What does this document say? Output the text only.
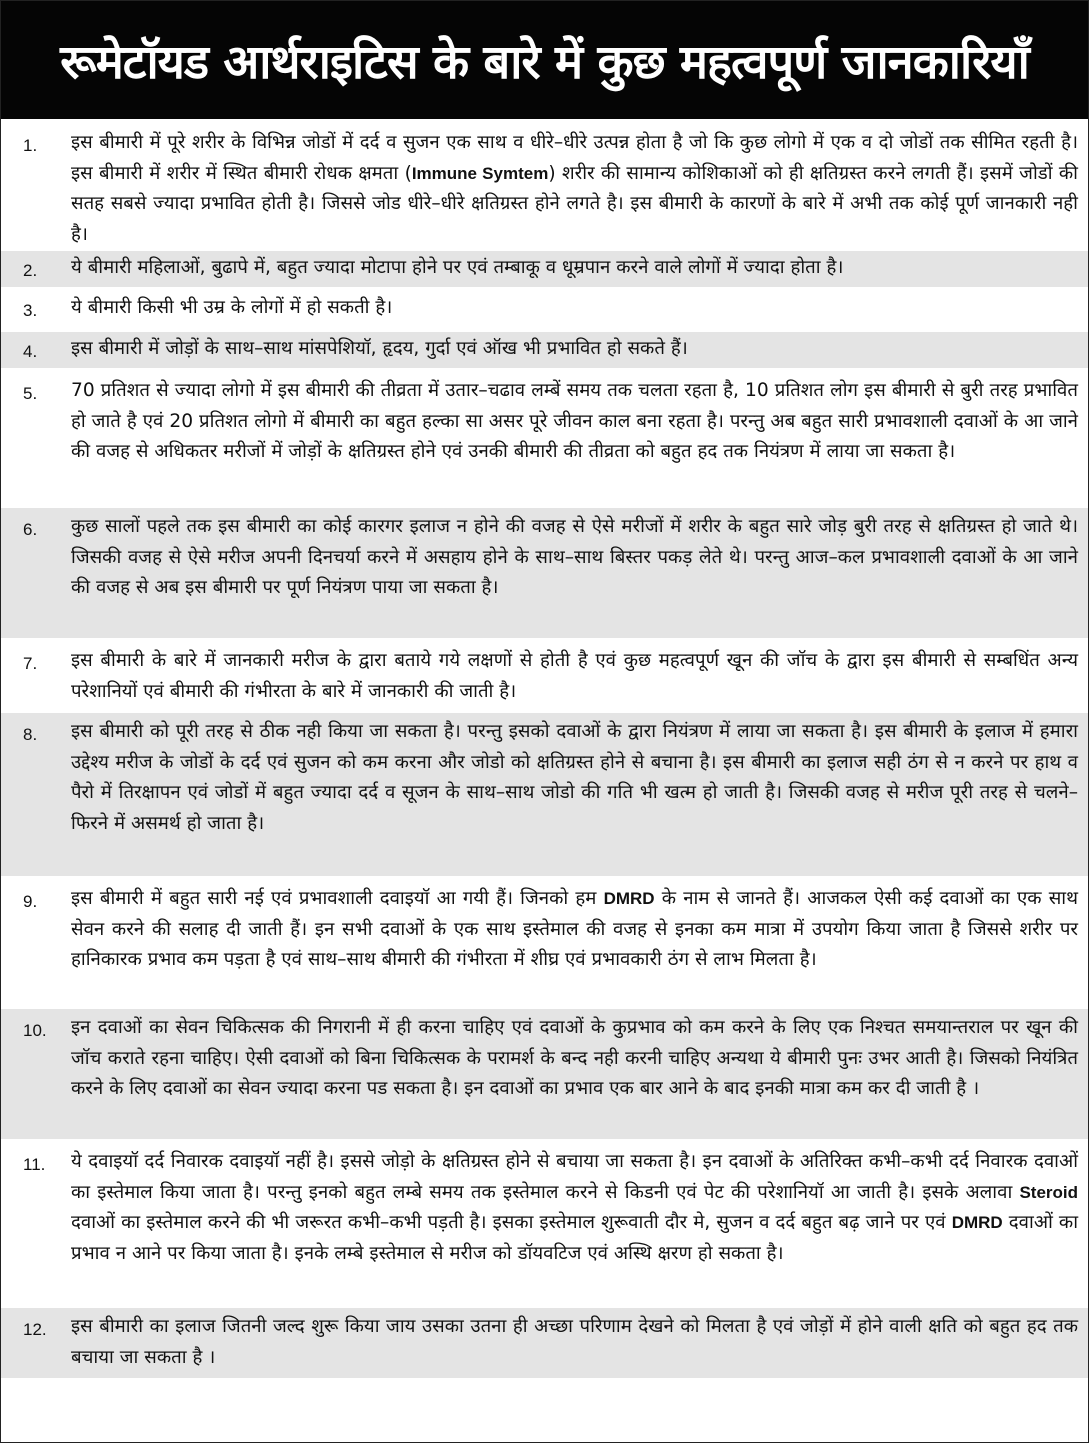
रूमेटॉयड आर्थराइटिस के बारे में कुछ महत्वपूर्ण जानकारियाँ
1.	इस बीमारी में पूरे शरीर के विभिन्न जोडों में दर्द व सुजन एक साथ व धीरे–धीरे उत्पन्न होता है जो कि कुछ लोगो में एक व दो जोडों तक सीमित रहती है। इस बीमारी में शरीर में स्थित बीमारी रोधक क्षमता (Immune Symtem) शरीर की सामान्य कोशिकाओं को ही क्षतिग्रस्त करने लगती हैं। इसमें जोडों की सतह सबसे ज्यादा प्रभावित होती है। जिससे जोड धीरे–धीरे क्षतिग्रस्त होने लगते है। इस बीमारी के कारणों के बारे में अभी तक कोई पूर्ण जानकारी नही है।
2.	ये बीमारी महिलाओं, बुढापे में, बहुत ज्यादा मोटापा होने पर एवं तम्बाकू व धूम्रपान करने वाले लोगों में ज्यादा होता है।
3.	ये बीमारी किसी भी उम्र के लोगों में हो सकती है।
4.	इस बीमारी में जोड़ों के साथ–साथ मांसपेशियॉ, हृदय, गुर्दा एवं ऑख भी प्रभावित हो सकते हैं।
5.	70 प्रतिशत से ज्यादा लोगो में इस बीमारी की तीव्रता में उतार–चढाव लम्बें समय तक चलता रहता है, 10 प्रतिशत लोग इस बीमारी से बुरी तरह प्रभावित हो जाते है एवं 20 प्रतिशत लोगो में बीमारी का बहुत हल्का सा असर पूरे जीवन काल बना रहता है। परन्तु अब बहुत सारी प्रभावशाली दवाओं के आ जाने की वजह से अधिकतर मरीजों में जोड़ों के क्षतिग्रस्त होने एवं उनकी बीमारी की तीव्रता को बहुत हद तक नियंत्रण में लाया जा सकता है।
6.	कुछ सालों पहले तक इस बीमारी का कोई कारगर इलाज न होने की वजह से ऐसे मरीजों में शरीर के बहुत सारे जोड़ बुरी तरह से क्षतिग्रस्त हो जाते थे। जिसकी वजह से ऐसे मरीज अपनी दिनचर्या करने में असहाय होने के साथ–साथ बिस्तर पकड़ लेते थे। परन्तु आज–कल प्रभावशाली दवाओं के आ जाने की वजह से अब इस बीमारी पर पूर्ण नियंत्रण पाया जा सकता है।
7.	इस बीमारी के बारे में जानकारी मरीज के द्वारा बताये गये लक्षणों से होती है एवं कुछ महत्वपूर्ण खून की जॉच के द्वारा इस बीमारी से सम्बधिंत अन्य परेशानियों एवं बीमारी की गंभीरता के बारे में जानकारी की जाती है।
8.	इस बीमारी को पूरी तरह से ठीक नही किया जा सकता है। परन्तु इसको दवाओं के द्वारा नियंत्रण में लाया जा सकता है। इस बीमारी के इलाज में हमारा उद्देश्य मरीज के जोडों के दर्द एवं सुजन को कम करना और जोडो को क्षतिग्रस्त होने से बचाना है। इस बीमारी का इलाज सही ठंग से न करने पर हाथ व पैरो में तिरक्षापन एवं जोडों में बहुत ज्यादा दर्द व सूजन के साथ–साथ जोडो की गति भी खत्म हो जाती है। जिसकी वजह से मरीज पूरी तरह से चलने–फिरने में असमर्थ हो जाता है।
9.	इस बीमारी में बहुत सारी नई एवं प्रभावशाली दवाइयॉ आ गयी हैं। जिनको हम DMRD के नाम से जानते हैं। आजकल ऐसी कई दवाओं का एक साथ सेवन करने की सलाह दी जाती हैं। इन सभी दवाओं के एक साथ इस्तेमाल की वजह से इनका कम मात्रा में उपयोग किया जाता है जिससे शरीर पर हानिकारक प्रभाव कम पड़ता है एवं साथ–साथ बीमारी की गंभीरता में शीघ्र एवं प्रभावकारी ठंग से लाभ मिलता है।
10.	इन दवाओं का सेवन चिकित्सक की निगरानी में ही करना चाहिए एवं दवाओं के कुप्रभाव को कम करने के लिए एक निश्चत समयान्तराल पर खून की जॉच कराते रहना चाहिए। ऐसी दवाओं को बिना चिकित्सक के परामर्श के बन्द नही करनी चाहिए अन्यथा ये बीमारी पुनः उभर आती है। जिसको नियंत्रित करने के लिए दवाओं का सेवन ज्यादा करना पड सकता है। इन दवाओं का प्रभाव एक बार आने के बाद इनकी मात्रा कम कर दी जाती है ।
11.	ये दवाइयॉ दर्द निवारक दवाइयॉ नहीं है। इससे जोड़ो के क्षतिग्रस्त होने से बचाया जा सकता है। इन दवाओं के अतिरिक्त कभी–कभी दर्द निवारक दवाओं का इस्तेमाल किया जाता है। परन्तु इनको बहुत लम्बे समय तक इस्तेमाल करने से किडनी एवं पेट की परेशानियॉ आ जाती है। इसके अलावा Steroid दवाओं का इस्तेमाल करने की भी जरूरत कभी–कभी पड़ती है। इसका इस्तेमाल शुरूवाती दौर मे, सुजन व दर्द बहुत बढ़ जाने पर एवं DMRD दवाओं का प्रभाव न आने पर किया जाता है। इनके लम्बे इस्तेमाल से मरीज को डॉयवटिज एवं अस्थि क्षरण हो सकता है।
12.	इस बीमारी का इलाज जितनी जल्द शुरू किया जाय उसका उतना ही अच्छा परिणाम देखने को मिलता है एवं जोड़ों में होने वाली क्षति को बहुत हद तक बचाया जा सकता है ।
